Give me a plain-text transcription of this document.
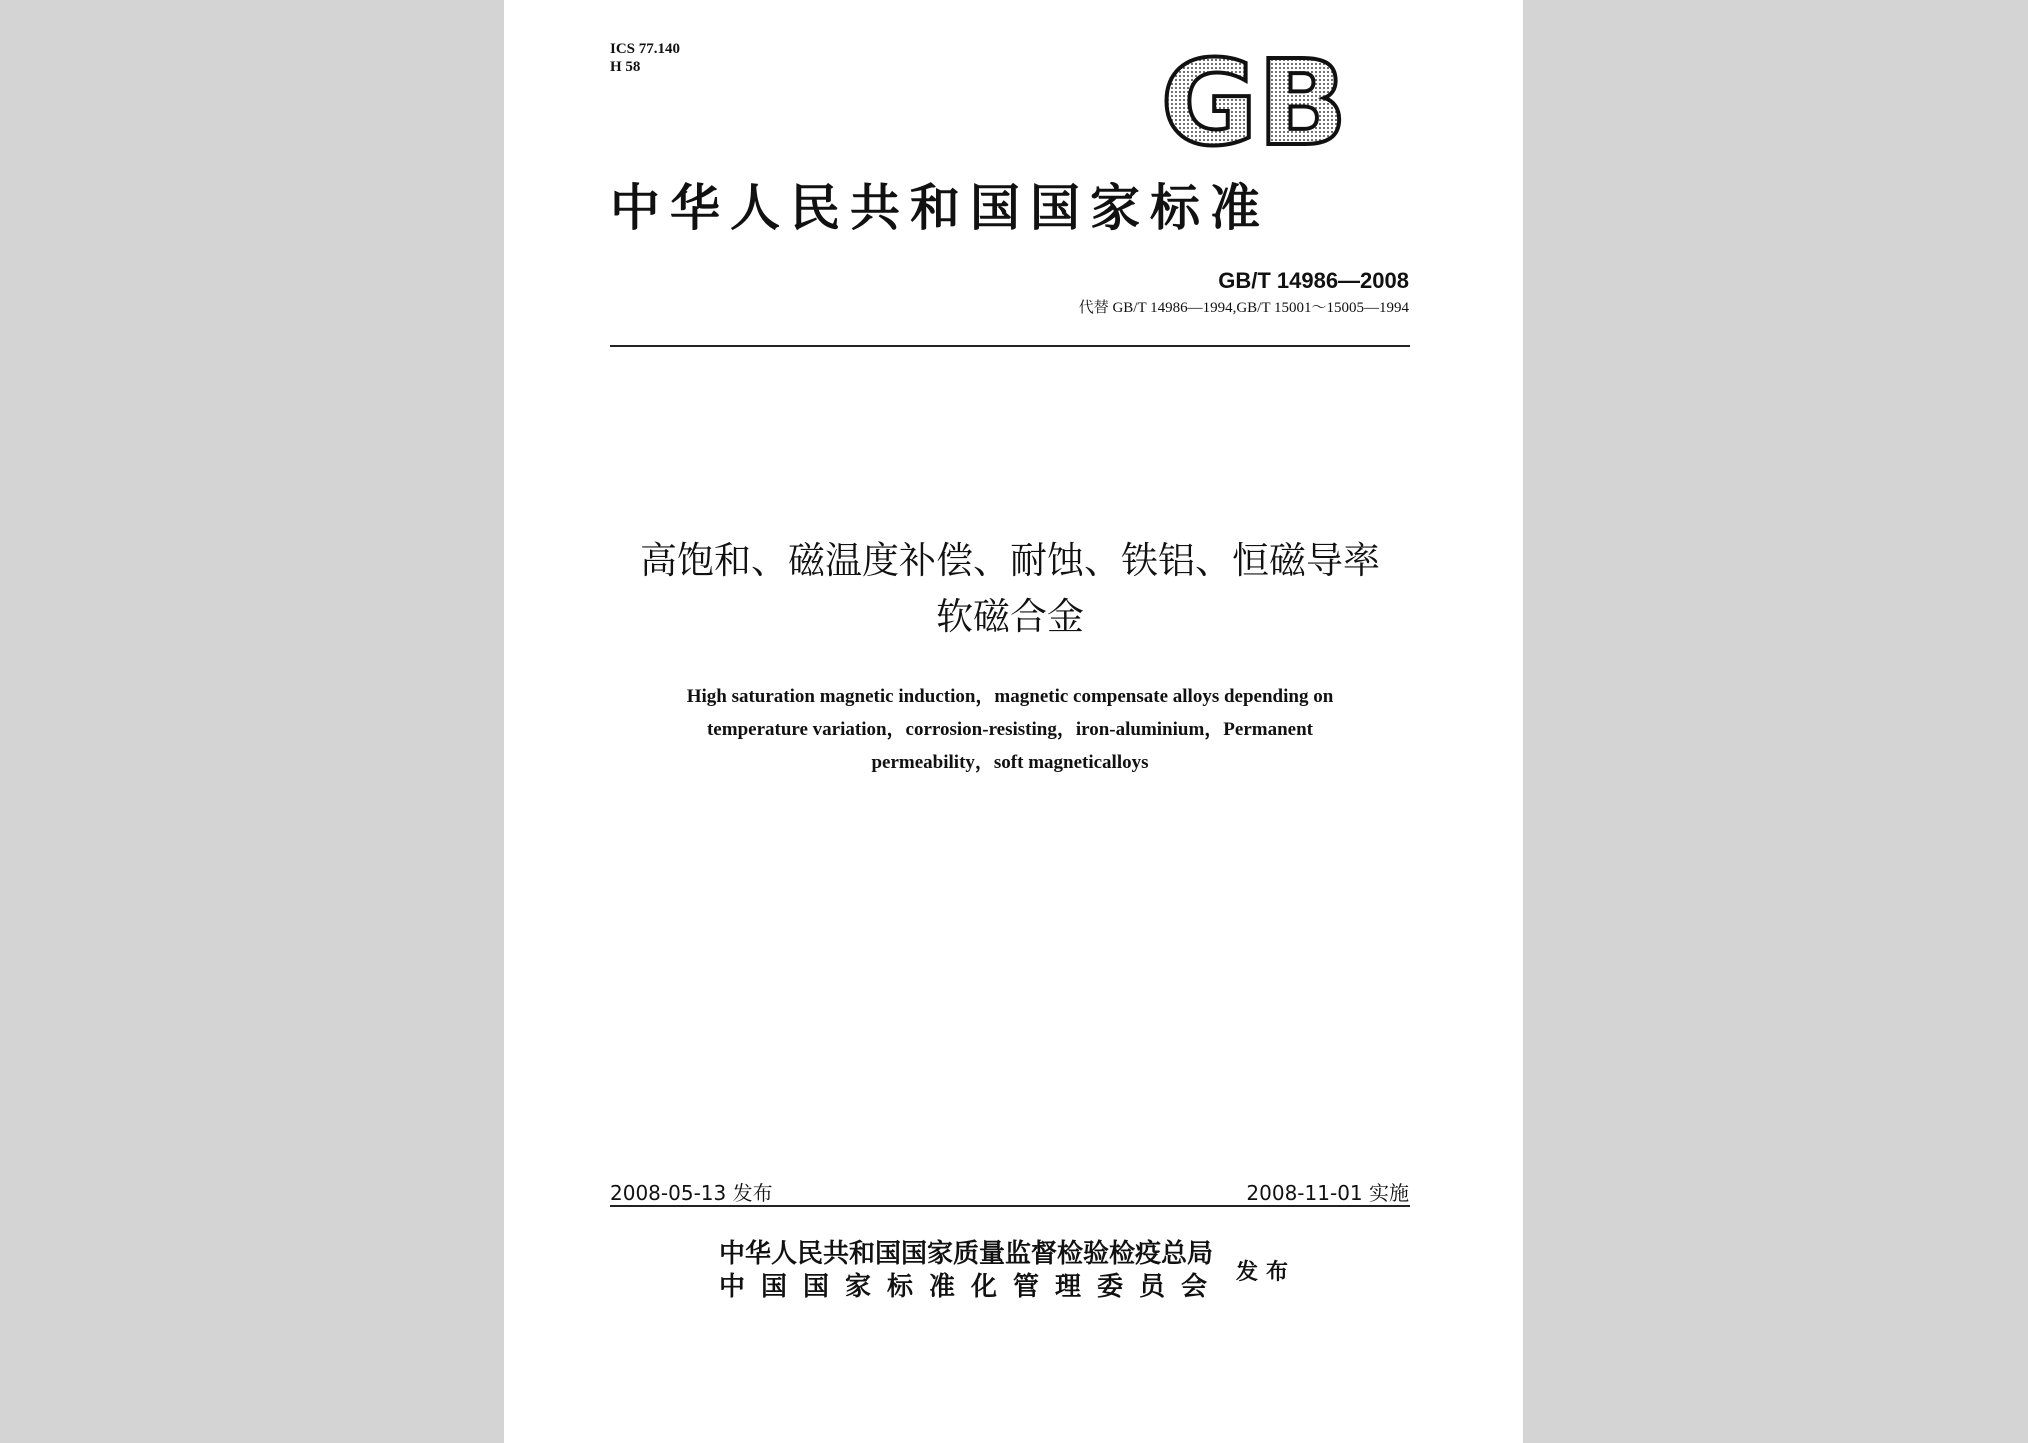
ICS 77.140
H 58	GB
中华人民共和国国家标准
GB/T 14986—2008
代替 GB/T 14986—1994,GB/T 15001～15005—1994
高饱和、磁温度补偿、耐蚀、铁铝、恒磁导率
软磁合金
High saturation magnetic induction，magnetic compensate alloys depending on
temperature variation，corrosion-resisting，iron-aluminium，Permanent
permeability，soft magneticalloys
2008-05-13 发布	2008-11-01 实施
中华人民共和国国家质量监督检验检疫总局
中国国家标准化管理委员会 发布
